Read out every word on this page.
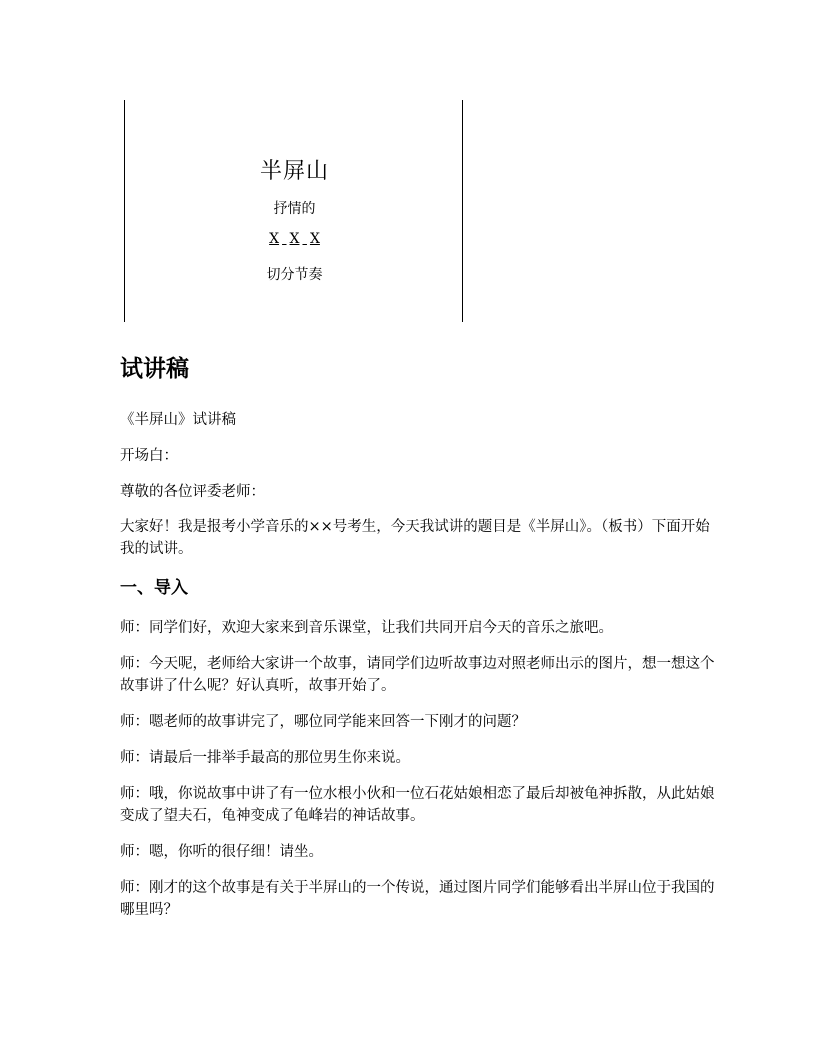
半屏山

抒情的

X X X

切分节奏

试讲稿

《半屏山》试讲稿

开场白：

尊敬的各位评委老师：

大家好！我是报考小学音乐的××号考生，今天我试讲的题目是《半屏山》。（板书）下面开始我的试讲。

一、导入

师：同学们好，欢迎大家来到音乐课堂，让我们共同开启今天的音乐之旅吧。

师：今天呢，老师给大家讲一个故事，请同学们边听故事边对照老师出示的图片，想一想这个故事讲了什么呢？好认真听，故事开始了。

师：嗯老师的故事讲完了，哪位同学能来回答一下刚才的问题？

师：请最后一排举手最高的那位男生你来说。

师：哦，你说故事中讲了有一位水根小伙和一位石花姑娘相恋了最后却被龟神拆散，从此姑娘变成了望夫石，龟神变成了龟峰岩的神话故事。

师：嗯，你听的很仔细！请坐。

师：刚才的这个故事是有关于半屏山的一个传说，通过图片同学们能够看出半屏山位于我国的哪里吗？
